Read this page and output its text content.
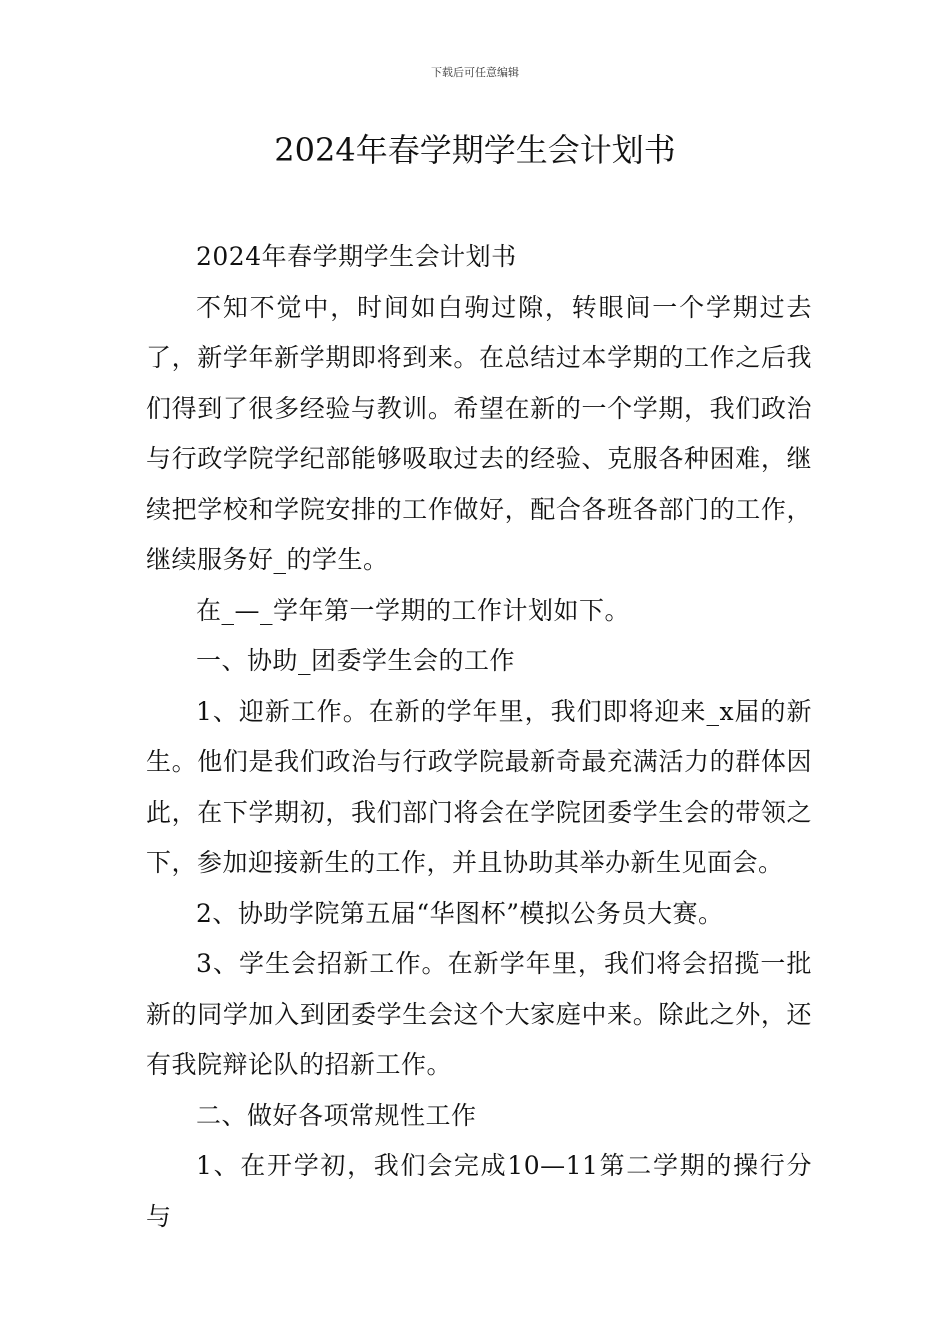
下载后可任意编辑
2024年春学期学生会计划书

2024年春学期学生会计划书

不知不觉中，时间如白驹过隙，转眼间一个学期过去了，新学年新学期即将到来。在总结过本学期的工作之后我们得到了很多经验与教训。希望在新的一个学期，我们政治与行政学院学纪部能够吸取过去的经验、克服各种困难，继续把学校和学院安排的工作做好，配合各班各部门的工作，继续服务好_的学生。

在_—_学年第一学期的工作计划如下。

一、协助_团委学生会的工作

1、迎新工作。在新的学年里，我们即将迎来_x届的新生。他们是我们政治与行政学院最新奇最充满活力的群体因此，在下学期初，我们部门将会在学院团委学生会的带领之下，参加迎接新生的工作，并且协助其举办新生见面会。

2、协助学院第五届“华图杯”模拟公务员大赛。

3、学生会招新工作。在新学年里，我们将会招揽一批新的同学加入到团委学生会这个大家庭中来。除此之外，还有我院辩论队的招新工作。

二、做好各项常规性工作

1、在开学初，我们会完成10—11第二学期的操行分与
